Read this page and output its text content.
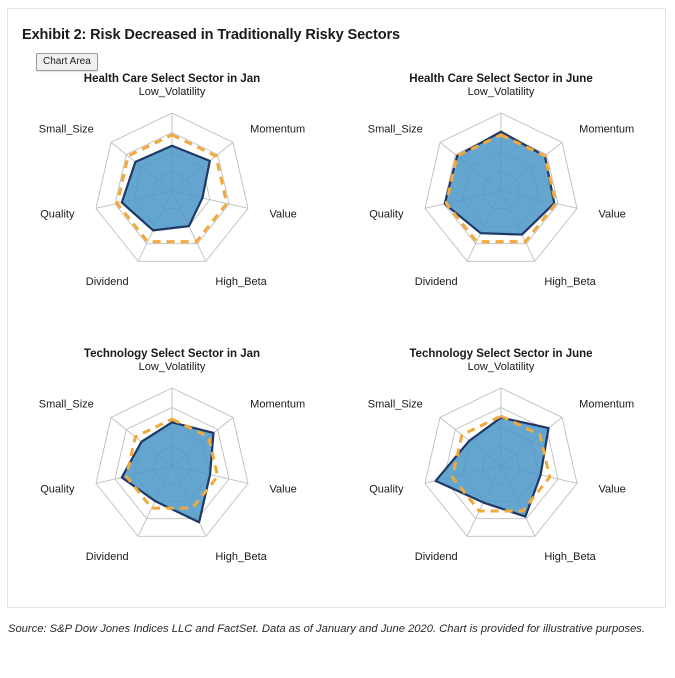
Exhibit 2: Risk Decreased in Traditionally Risky Sectors
Chart Area
Health Care Select Sector in Jan
Low_Volatility
Momentum
Value
High_Beta
Dividend
Quality
Small_Size
Health Care Select Sector in June
Low_Volatility
Momentum
Value
High_Beta
Dividend
Quality
Small_Size
Technology Select Sector in Jan
Low_Volatility
Momentum
Value
High_Beta
Dividend
Quality
Small_Size
Technology Select Sector in June
Low_Volatility
Momentum
Value
High_Beta
Dividend
Quality
Small_Size
Source: S&P Dow Jones Indices LLC and FactSet. Data as of January and June 2020. Chart is provided for illustrative purposes.
